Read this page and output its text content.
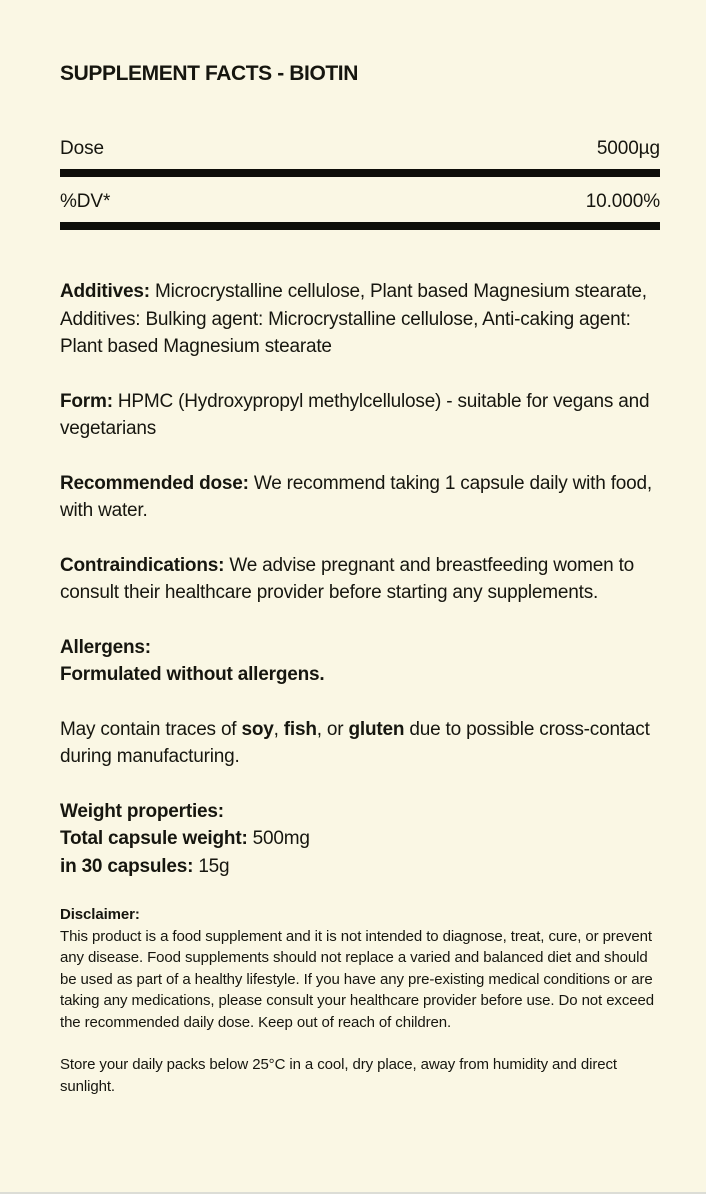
SUPPLEMENT FACTS - BIOTIN
Dose	5000µg
%DV*	10.000%

Additives: Microcrystalline cellulose, Plant based Magnesium stearate, Additives: Bulking agent: Microcrystalline cellulose, Anti-caking agent: Plant based Magnesium stearate

Form: HPMC (Hydroxypropyl methylcellulose) - suitable for vegans and vegetarians

Recommended dose: We recommend taking 1 capsule daily with food, with water.

Contraindications: We advise pregnant and breastfeeding women to consult their healthcare provider before starting any supplements.

Allergens:
Formulated without allergens.

May contain traces of soy, fish, or gluten due to possible cross-contact during manufacturing.

Weight properties:
Total capsule weight: 500mg
in 30 capsules: 15g

Disclaimer:
This product is a food supplement and it is not intended to diagnose, treat, cure, or prevent any disease. Food supplements should not replace a varied and balanced diet and should be used as part of a healthy lifestyle. If you have any pre-existing medical conditions or are taking any medications, please consult your healthcare provider before use. Do not exceed the recommended daily dose. Keep out of reach of children.
Store your daily packs below 25°C in a cool, dry place, away from humidity and direct sunlight.
